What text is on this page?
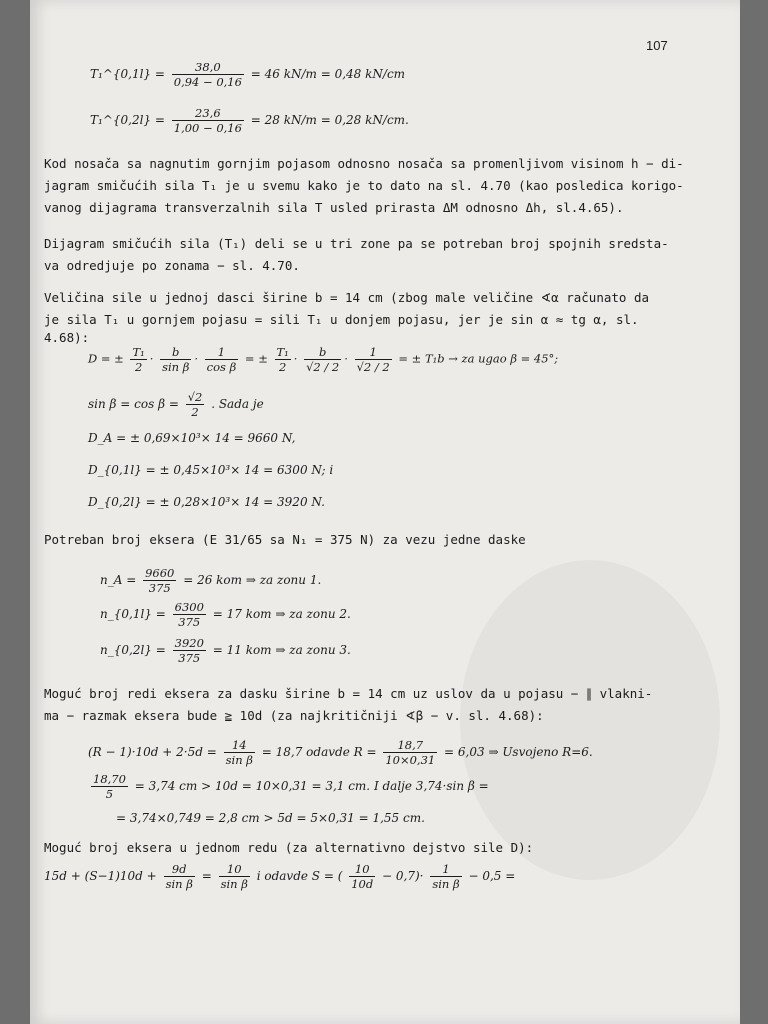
107
T₁^{0,1l} = $\frac{38,0}{0,94 - 0,16} = 46$ kN/m = 0,48 kN/cm
T₁^{0,2l} = $\frac{23,6}{1,00 - 0,16} = 28$ kN/m = 0,28 kN/cm.
Kod nosača sa nagnutim gornjim pojasom odnosno nosača sa promenljivom visinom h − di-
jagram smičućih sila T₁ je u svemu kako je to dato na sl. 4.70 (kao posledica korigo-
vanog dijagrama transverzalnih sila T usled prirasta ΔM odnosno Δh, sl.4.65).
Dijagram smičućih sila (T₁) deli se u tri zone pa se potreban broj spojnih sredsta-
va odredjuje po zonama − sl. 4.70.
Veličina sile u jednoj dasci širine b = 14 cm (zbog male veličine ∢α računato da
je sila T₁ u gornjem pojasu = sili T₁ u donjem pojasu, jer je sin α ≈ tg α, sl.
4.68):
D = ± $\frac{\text{T₁}}{2} \cdot \frac{b}{\text{sin β}} \cdot \frac{1}{\text{cos β}}$ = ± $\frac{\text{T₁}}{2} \cdot \frac{b}{√2 / 2} \cdot \frac{1}{√2 / 2}$ = ± T₁b → za ugao β = 45°;
$\sin \beta = \cos \beta = \frac{√2}{2}$ . Sada je
D_A = ± 0,69×10³× 14 = 9660 N,
D_{0,1l} = ± 0,45×10³× 14 = 6300 N; i
D_{0,2l} = ± 0,28×10³× 14 = 3920 N.
Potreban broj eksera (E 31/65 sa N₁ = 375 N) za vezu jedne daske
n_A = $\frac{9660}{375} = 26$ kom ⇒ za zonu 1.
n_{0,1l} = $\frac{6300}{375} = 17$ kom ⇒ za zonu 2.
n_{0,2l} = $\frac{3920}{375} = 11$ kom ⇒ za zonu 3.
Moguć broj redi eksera za dasku širine b = 14 cm uz uslov da u pojasu − ∥ vlakni-
ma − razmak eksera bude ≧ 10d (za najkritičniji ∢β − v. sl. 4.68):
$(R - 1)\cdot 10d + 2\cdot 5d = \frac{14}{\text{sin β}} = 18,7$ odavde $R = \frac{18,7}{10\times 0,31} = 6,03$ ⇒ Usvojeno R=6.
$\frac{18,70}{5} = 3,74$ cm > 10d = 10×0,31 = 3,1 cm. I dalje 3,74·sin β =
= 3,74×0,749 = 2,8 cm > 5d = 5×0,31 = 1,55 cm.
Moguć broj eksera u jednom redu (za alternativno dejstvo sile D):
$15d + (S-1)10d + \frac{9d}{\text{sin β}} = \frac{10}{\text{sin β}}$ i odavde S = ( $\frac{10}{10d} - 0,7)\cdot \frac{1}{\text{sin β}} - 0,5$ =
